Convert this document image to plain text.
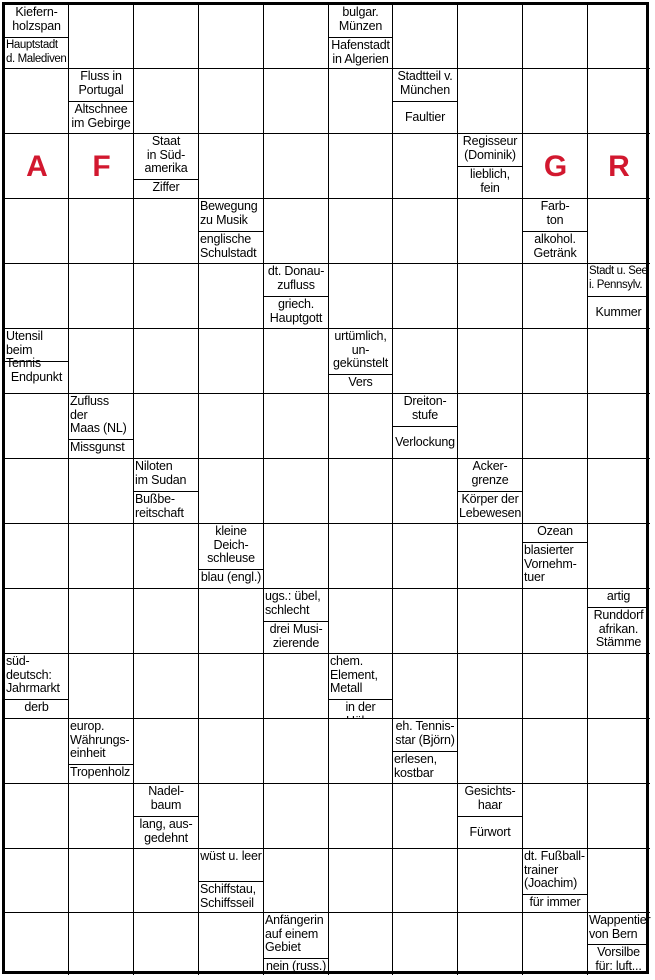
Kiefern-
holzspan
Hauptstadt
d. Malediven
bulgar.
Münzen
Hafenstadt
in Algerien
Fluss in
Portugal
Altschnee
im Gebirge
Stadtteil v.
München
Faultier
A	F
Staat
in Süd-
amerika
Ziffer
Regisseur
(Dominik)
lieblich,
fein
G	R
Bewegung
zu Musik
englische
Schulstadt
Farb-
ton
alkohol.
Getränk
dt. Donau-
zufluss
griech.
Hauptgott
Stadt u. See
i. Pennsylv.
Kummer
Utensil
beim Tennis
Endpunkt
urtümlich,
un-
gekünstelt
Vers
Zufluss
der
Maas (NL)
Missgunst
Dreiton-
stufe
Verlockung
Niloten
im Sudan
Bußbe-
reitschaft
Acker-
grenze
Körper der
Lebewesen
kleine
Deich-
schleuse
blau (engl.)
Ozean
blasierter
Vornehm-
tuer
ugs.: übel,
schlecht
drei Musi-
zierende
artig
Runddorf
afrikan.
Stämme
süd-
deutsch:
Jahrmarkt
derb
chem.
Element,
Metall
in der
europ.
Währungs-
einheit
Tropenholz
eh. Tennis-
star (Björn)
erlesen,
kostbar
Nadel-
baum
lang, aus-
gedehnt
Gesichts-
haar
Fürwort
wüst u. leer
Schiffstau,
Schiffsseil
dt. Fußball-
trainer
(Joachim)
für immer
Anfängerin
auf einem
Gebiet
nein (russ.)
Wappentier
von Bern
Vorsilbe
für: luft...
